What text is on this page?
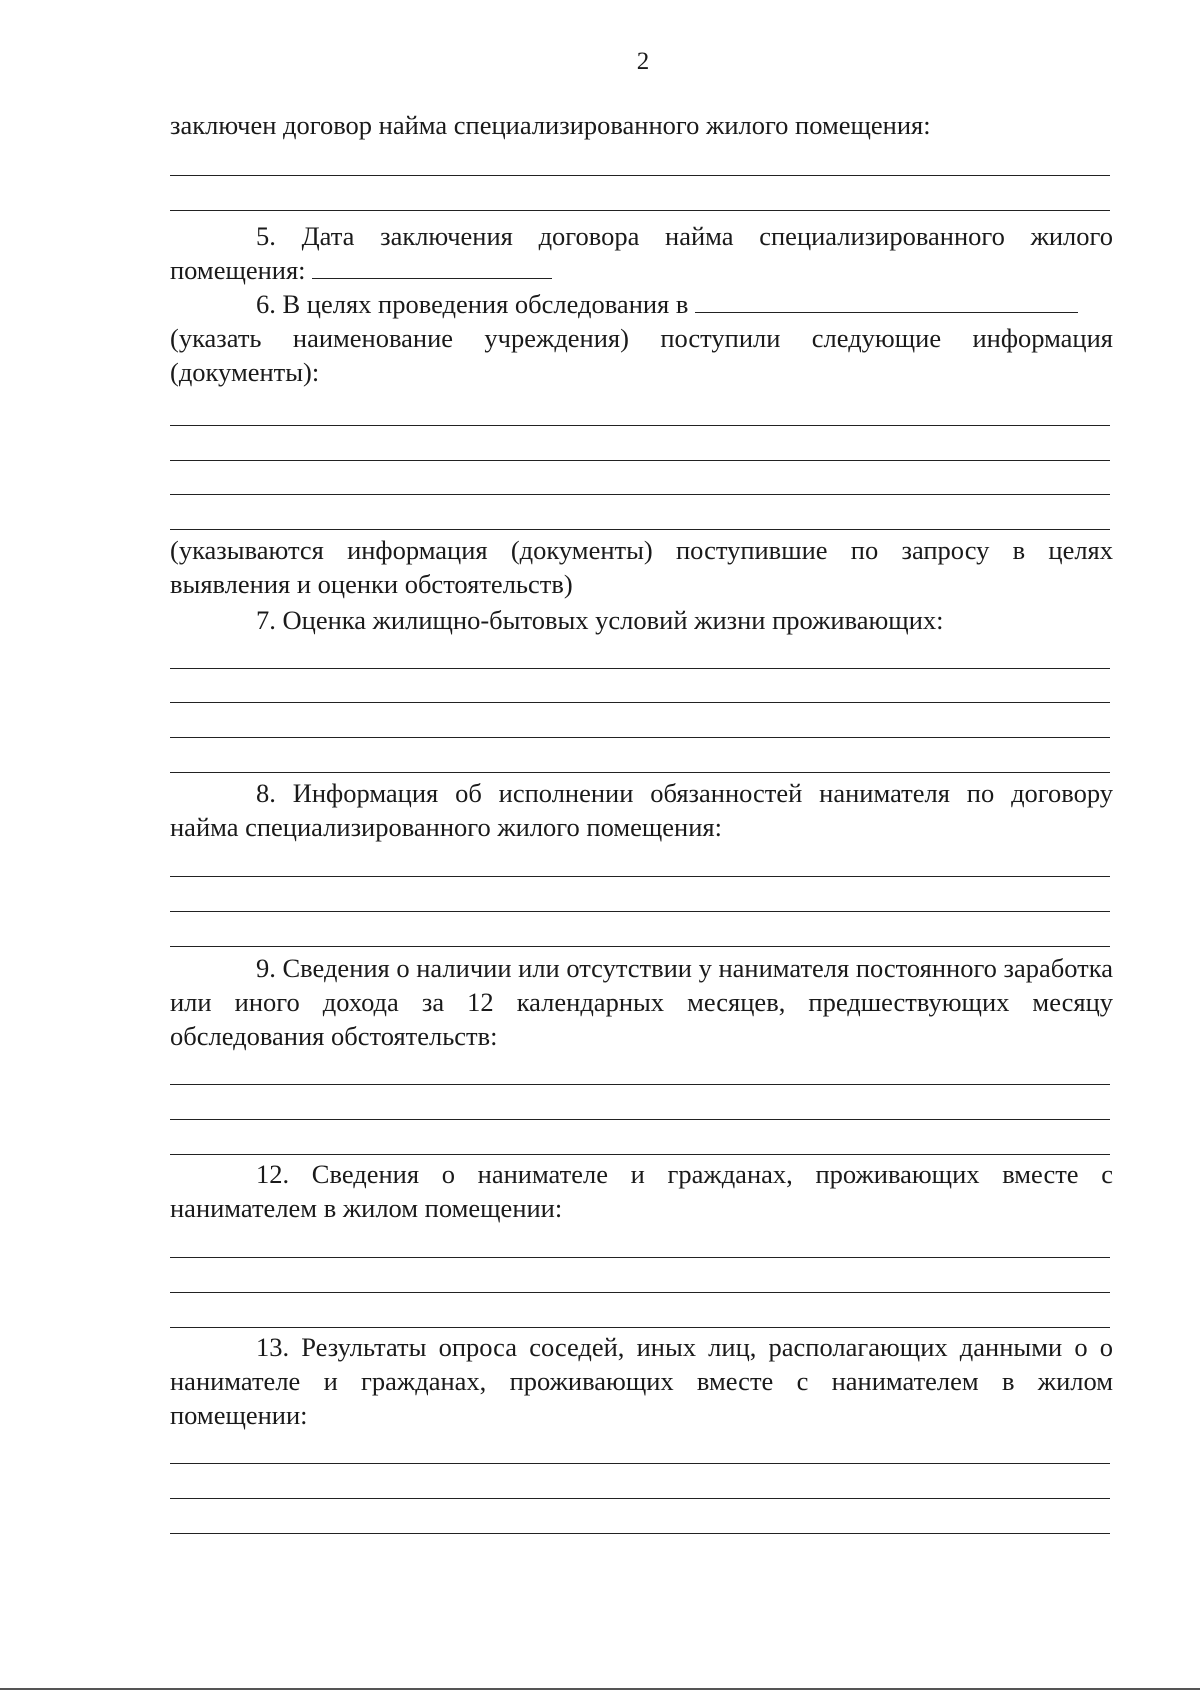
2

заключен договор найма специализированного жилого помещения:

5. Дата заключения договора найма специализированного жилого помещения:

6. В целях проведения обследования в

(указать наименование учреждения) поступили следующие информация (документы):

(указываются информация (документы) поступившие по запросу в целях выявления и оценки обстоятельств)

7. Оценка жилищно-бытовых условий жизни проживающих:

8. Информация об исполнении обязанностей нанимателя по договору найма специализированного жилого помещения:

9. Сведения о наличии или отсутствии у нанимателя постоянного заработка или иного дохода за 12 календарных месяцев, предшествующих месяцу обследования обстоятельств:

12. Сведения о нанимателе и гражданах, проживающих вместе с нанимателем в жилом помещении:

13. Результаты опроса соседей, иных лиц, располагающих данными о о нанимателе и гражданах, проживающих вместе с нанимателем в жилом помещении:
